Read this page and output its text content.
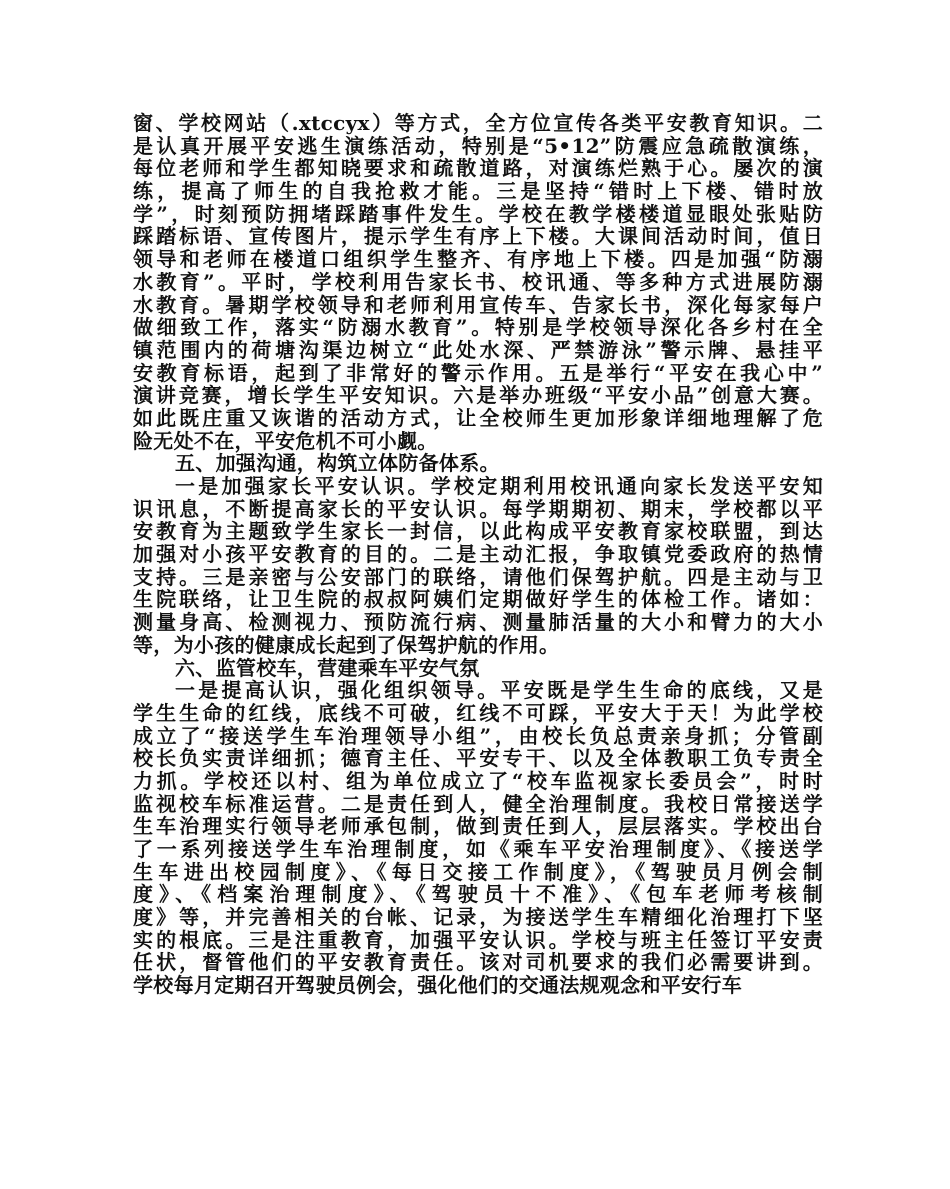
窗、学校网站（.xtccyx）等方式，全方位宣传各类平安教育知识。二
是认真开展平安逃生演练活动，特别是“5•12”防震应急疏散演练，
每位老师和学生都知晓要求和疏散道路，对演练烂熟于心。屡次的演
练，提高了师生的自我抢救才能。三是坚持“错时上下楼、错时放
学”，时刻预防拥堵踩踏事件发生。学校在教学楼楼道显眼处张贴防
踩踏标语、宣传图片，提示学生有序上下楼。大课间活动时间，值日
领导和老师在楼道口组织学生整齐、有序地上下楼。四是加强“防溺
水教育”。平时，学校利用告家长书、校讯通、等多种方式进展防溺
水教育。暑期学校领导和老师利用宣传车、告家长书，深化每家每户
做细致工作，落实“防溺水教育”。特别是学校领导深化各乡村在全
镇范围内的荷塘沟渠边树立“此处水深、严禁游泳”警示牌、悬挂平
安教育标语，起到了非常好的警示作用。五是举行“平安在我心中”
演讲竞赛，增长学生平安知识。六是举办班级“平安小品”创意大赛。
如此既庄重又诙谐的活动方式，让全校师生更加形象详细地理解了危
险无处不在，平安危机不可小觑。
五、加强沟通，构筑立体防备体系。
一是加强家长平安认识。学校定期利用校讯通向家长发送平安知
识讯息，不断提高家长的平安认识。每学期期初、期末，学校都以平
安教育为主题致学生家长一封信，以此构成平安教育家校联盟，到达
加强对小孩平安教育的目的。二是主动汇报，争取镇党委政府的热情
支持。三是亲密与公安部门的联络，请他们保驾护航。四是主动与卫
生院联络，让卫生院的叔叔阿姨们定期做好学生的体检工作。诸如：
测量身高、检测视力、预防流行病、测量肺活量的大小和臂力的大小
等，为小孩的健康成长起到了保驾护航的作用。
六、监管校车，营建乘车平安气氛
一是提高认识，强化组织领导。平安既是学生生命的底线，又是
学生生命的红线，底线不可破，红线不可踩，平安大于天！为此学校
成立了“接送学生车治理领导小组”，由校长负总责亲身抓；分管副
校长负实责详细抓；德育主任、平安专干、以及全体教职工负专责全
力抓。学校还以村、组为单位成立了“校车监视家长委员会”，时时
监视校车标准运营。二是责任到人，健全治理制度。我校日常接送学
生车治理实行领导老师承包制，做到责任到人，层层落实。学校出台
了一系列接送学生车治理制度，如《乘车平安治理制度》、《接送学
生车进出校园制度》、《每日交接工作制度》，《驾驶员月例会制
度》、《档案治理制度》、《驾驶员十不准》、《包车老师考核制
度》等，并完善相关的台帐、记录，为接送学生车精细化治理打下坚
实的根底。三是注重教育，加强平安认识。学校与班主任签订平安责
任状，督管他们的平安教育责任。该对司机要求的我们必需要讲到。
学校每月定期召开驾驶员例会，强化他们的交通法规观念和平安行车
